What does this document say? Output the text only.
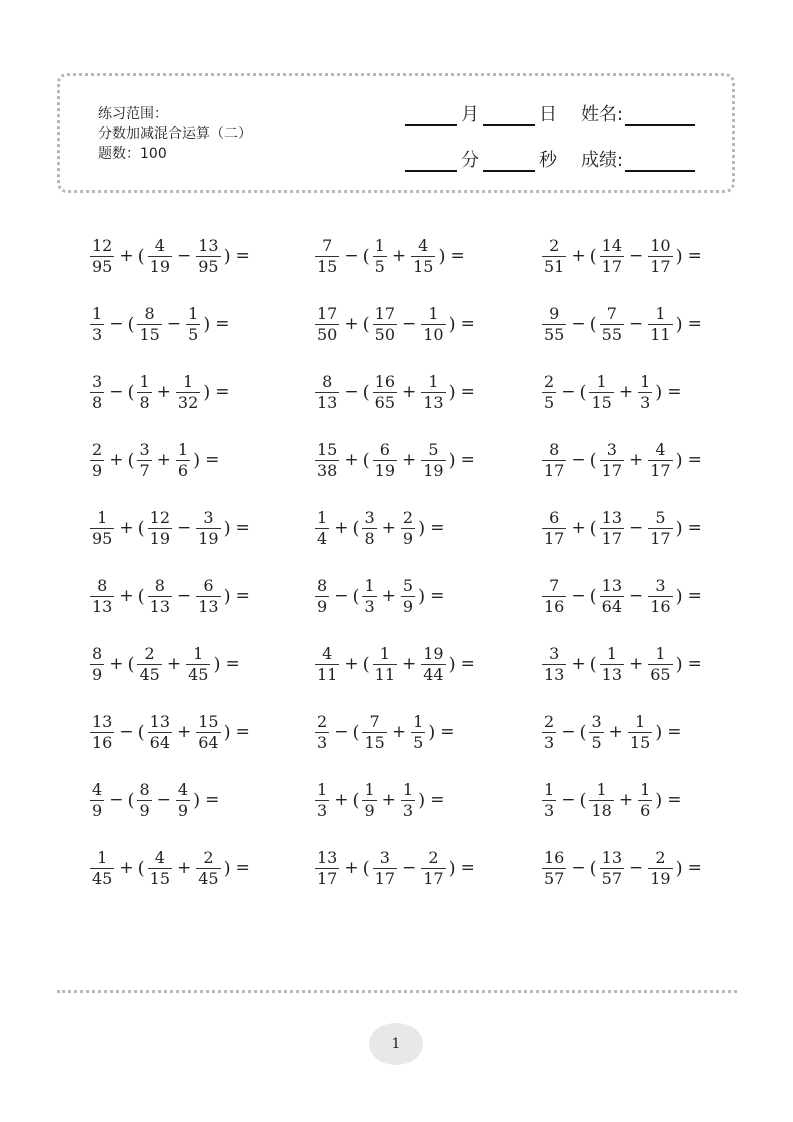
练习范围：
分数加减混合运算（二）
题数：100
月	日 姓名:
分	秒 成绩:
$\frac{12}{95}$ + ( $\frac{4}{19} - \frac{13}{95}$ ) =	$\frac{7}{15}$ − ( $\frac{1}{5} + \frac{4}{15}$ ) =	$\frac{2}{51}$ + ( $\frac{14}{17} - \frac{10}{17}$ ) =
$\frac{1}{3}$ − ( $\frac{8}{15} - \frac{1}{5}$ ) =	$\frac{17}{50}$ + ( $\frac{17}{50} - \frac{1}{10}$ ) =	$\frac{9}{55}$ − ( $\frac{7}{55} - \frac{1}{11}$ ) =
$\frac{3}{8}$ − ( $\frac{1}{8} + \frac{1}{32}$ ) =	$\frac{8}{13}$ − ( $\frac{16}{65} + \frac{1}{13}$ ) =	$\frac{2}{5}$ − ( $\frac{1}{15} + \frac{1}{3}$ ) =
$\frac{2}{9}$ + ( $\frac{3}{7} + \frac{1}{6}$ ) =	$\frac{15}{38}$ + ( $\frac{6}{19} + \frac{5}{19}$ ) =	$\frac{8}{17}$ − ( $\frac{3}{17} + \frac{4}{17}$ ) =
$\frac{1}{95}$ + ( $\frac{12}{19} - \frac{3}{19}$ ) =	$\frac{1}{4}$ + ( $\frac{3}{8} + \frac{2}{9}$ ) =	$\frac{6}{17}$ + ( $\frac{13}{17} - \frac{5}{17}$ ) =
$\frac{8}{13}$ + ( $\frac{8}{13} - \frac{6}{13}$ ) =	$\frac{8}{9}$ − ( $\frac{1}{3} + \frac{5}{9}$ ) =	$\frac{7}{16}$ − ( $\frac{13}{64} - \frac{3}{16}$ ) =
$\frac{8}{9}$ + ( $\frac{2}{45} + \frac{1}{45}$ ) =	$\frac{4}{11}$ + ( $\frac{1}{11} + \frac{19}{44}$ ) =	$\frac{3}{13}$ + ( $\frac{1}{13} + \frac{1}{65}$ ) =
$\frac{13}{16}$ − ( $\frac{13}{64} + \frac{15}{64}$ ) =	$\frac{2}{3}$ − ( $\frac{7}{15} + \frac{1}{5}$ ) =	$\frac{2}{3}$ − ( $\frac{3}{5} + \frac{1}{15}$ ) =
$\frac{4}{9}$ − ( $\frac{8}{9} - \frac{4}{9}$ ) =	$\frac{1}{3}$ + ( $\frac{1}{9} + \frac{1}{3}$ ) =	$\frac{1}{3}$ − ( $\frac{1}{18} + \frac{1}{6}$ ) =
$\frac{1}{45}$ + ( $\frac{4}{15} + \frac{2}{45}$ ) =	$\frac{13}{17}$ + ( $\frac{3}{17} - \frac{2}{17}$ ) =	$\frac{16}{57}$ − ( $\frac{13}{57} - \frac{2}{19}$ ) =
1
